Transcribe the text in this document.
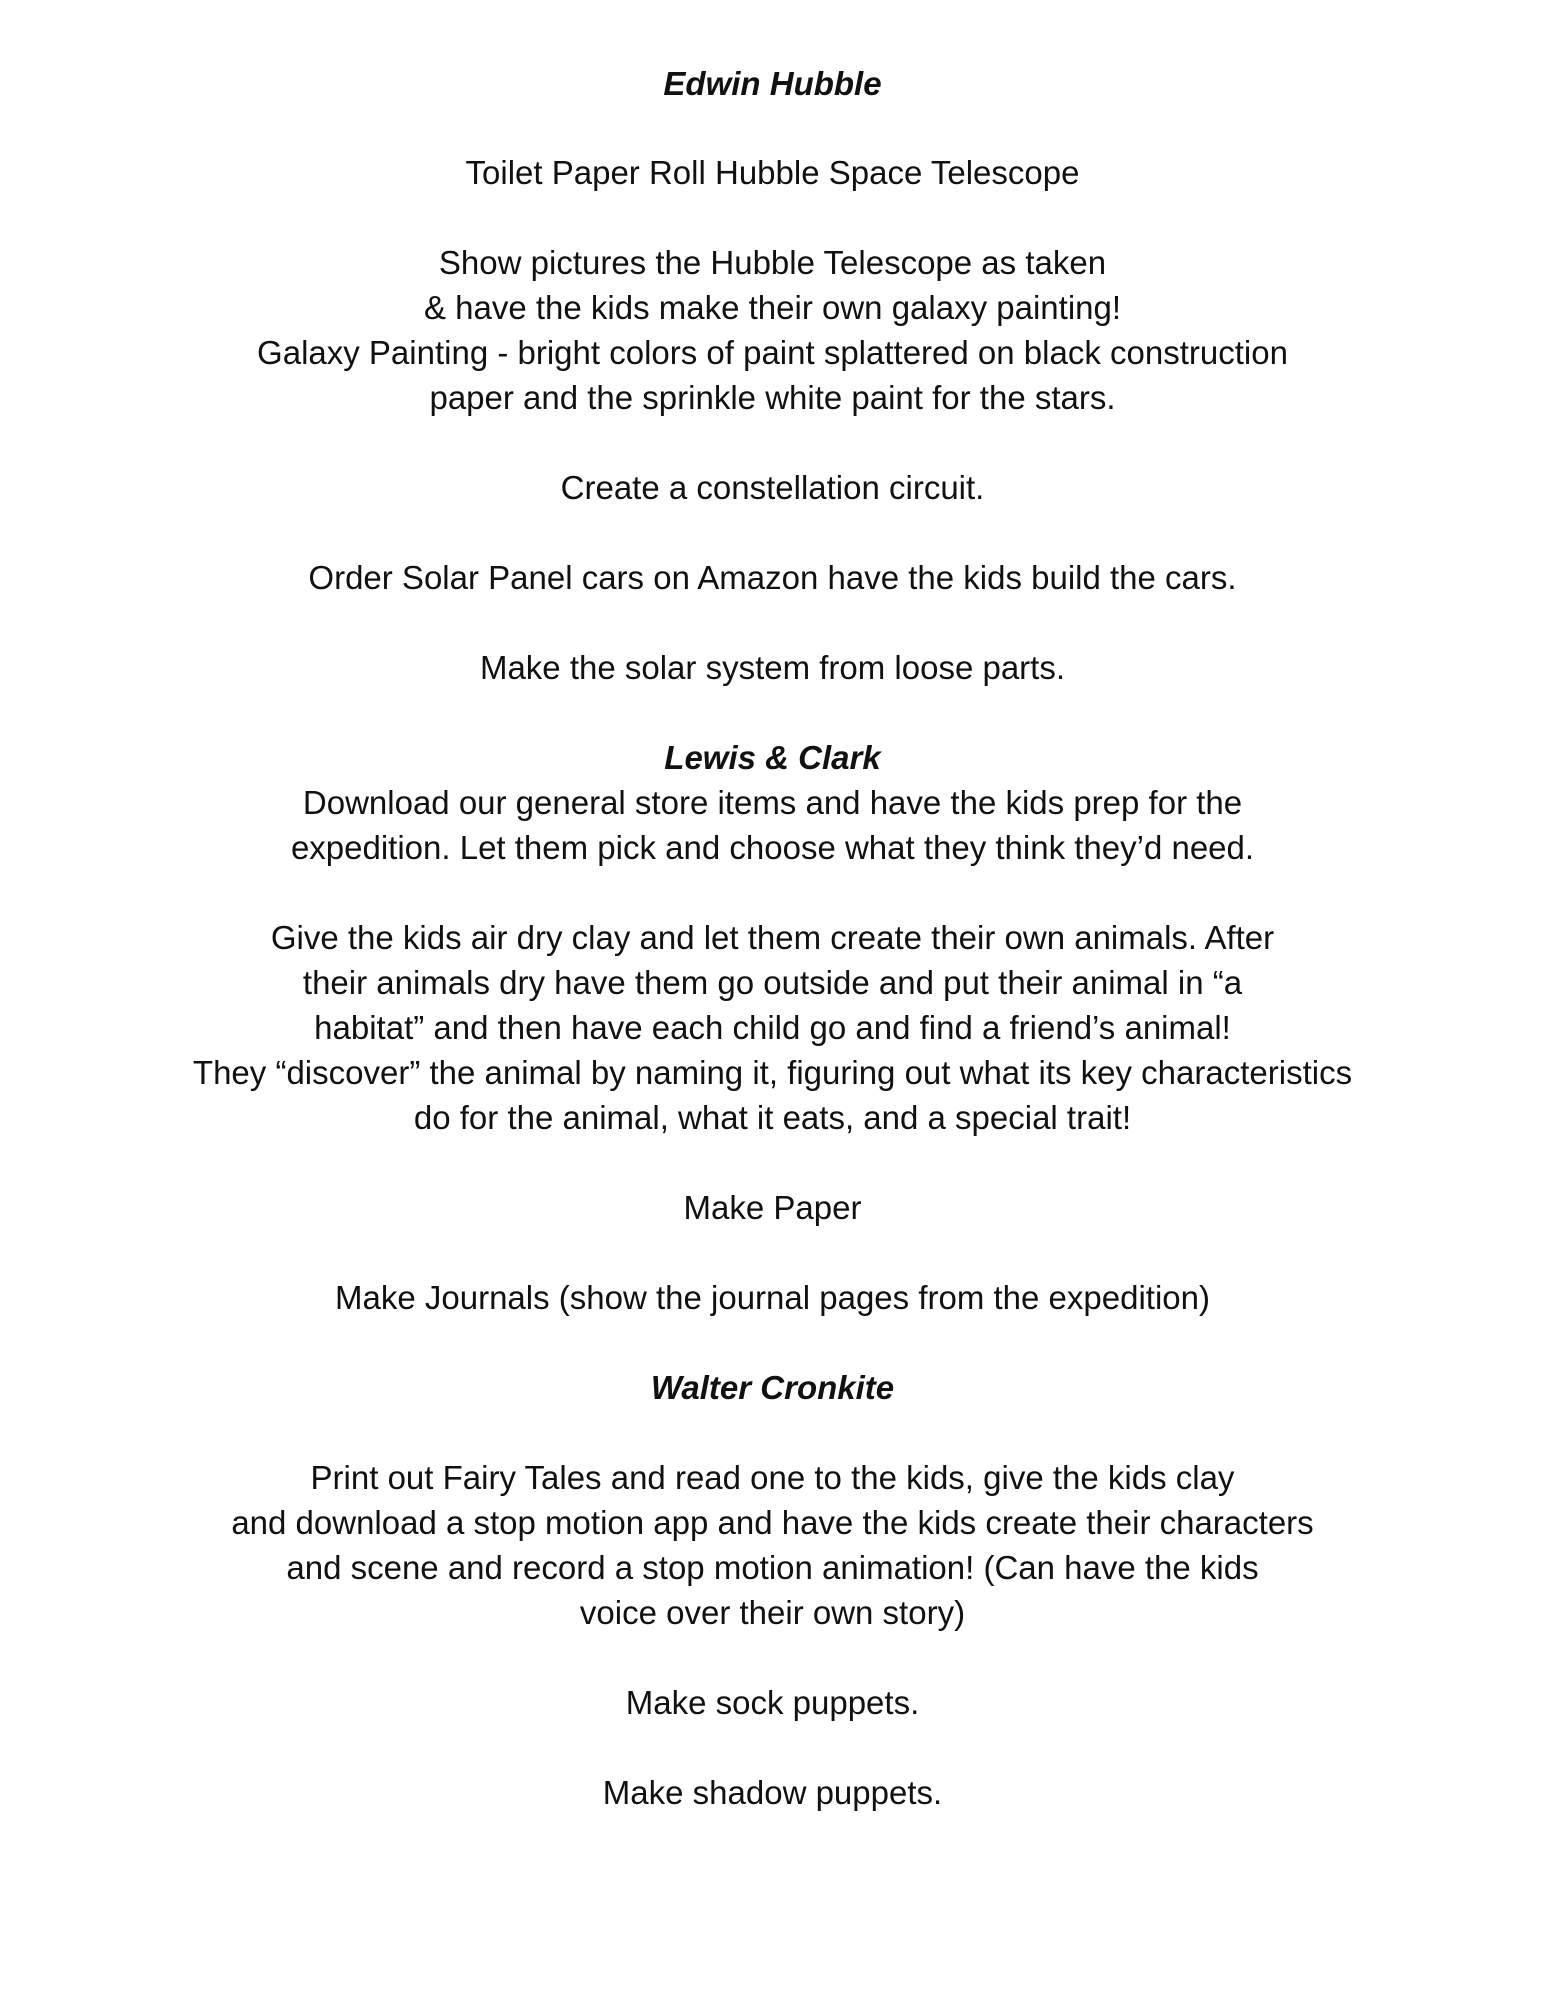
Edwin Hubble
Toilet Paper Roll Hubble Space Telescope
Show pictures the Hubble Telescope as taken
& have the kids make their own galaxy painting!
Galaxy Painting - bright colors of paint splattered on black construction
paper and the sprinkle white paint for the stars.
Create a constellation circuit.
Order Solar Panel cars on Amazon have the kids build the cars.
Make the solar system from loose parts.
Lewis & Clark
Download our general store items and have the kids prep for the
expedition. Let them pick and choose what they think they’d need.
Give the kids air dry clay and let them create their own animals. After
their animals dry have them go outside and put their animal in “a
habitat” and then have each child go and find a friend’s animal!
They “discover” the animal by naming it, figuring out what its key characteristics
do for the animal, what it eats, and a special trait!
Make Paper
Make Journals (show the journal pages from the expedition)
Walter Cronkite
Print out Fairy Tales and read one to the kids, give the kids clay
and download a stop motion app and have the kids create their characters
and scene and record a stop motion animation! (Can have the kids
voice over their own story)
Make sock puppets.
Make shadow puppets.
